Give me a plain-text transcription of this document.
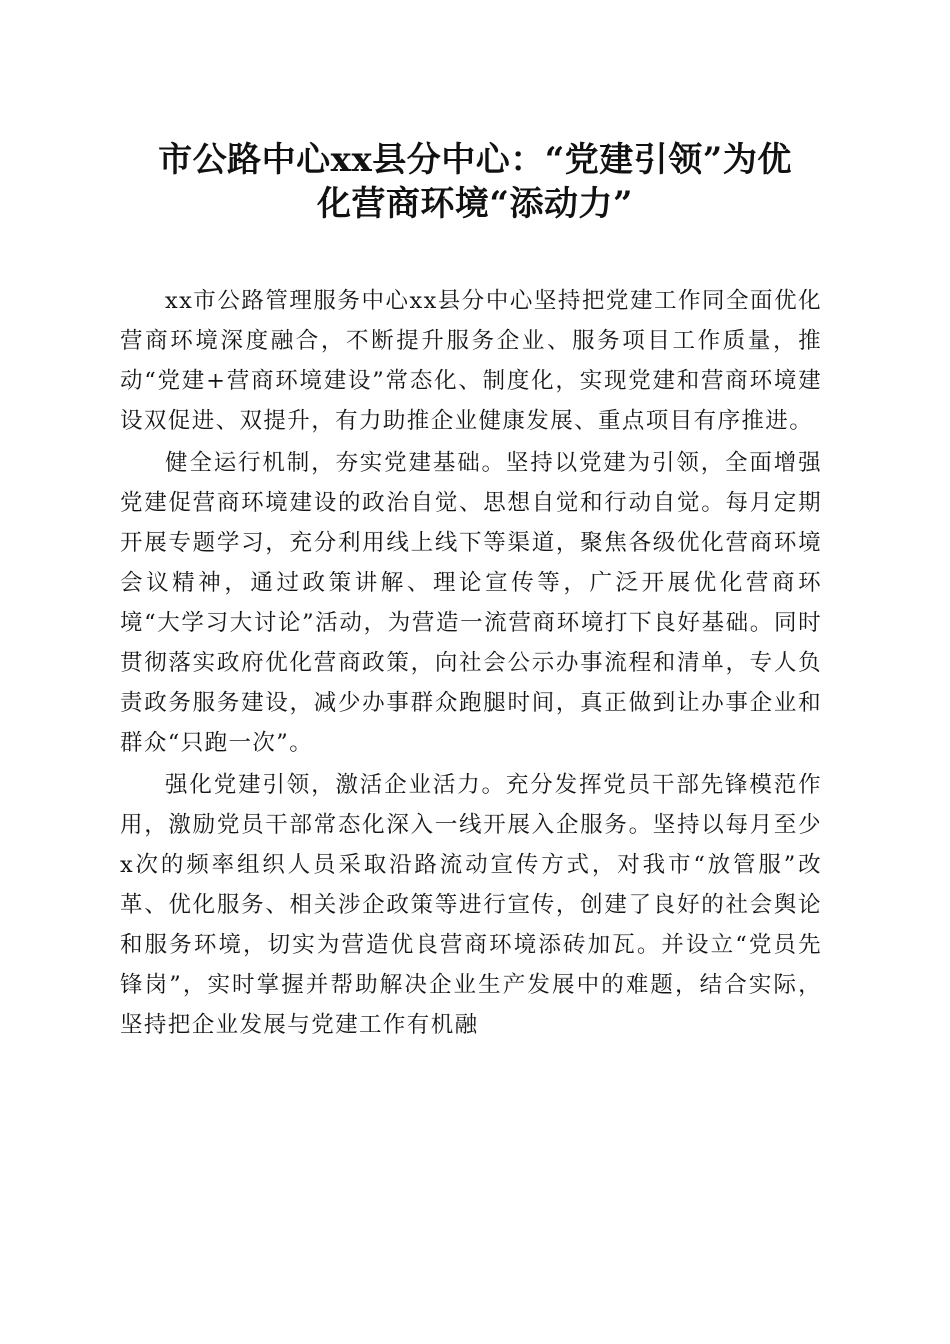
市公路中心xx县分中心：“党建引领”为优
化营商环境“添动力”

xx市公路管理服务中心xx县分中心坚持把党建工作同全面优化营商环境深度融合，不断提升服务企业、服务项目工作质量，推动“党建+营商环境建设”常态化、制度化，实现党建和营商环境建设双促进、双提升，有力助推企业健康发展、重点项目有序推进。

健全运行机制，夯实党建基础。坚持以党建为引领，全面增强党建促营商环境建设的政治自觉、思想自觉和行动自觉。每月定期开展专题学习，充分利用线上线下等渠道，聚焦各级优化营商环境会议精神，通过政策讲解、理论宣传等，广泛开展优化营商环境“大学习大讨论”活动，为营造一流营商环境打下良好基础。同时贯彻落实政府优化营商政策，向社会公示办事流程和清单，专人负责政务服务建设，减少办事群众跑腿时间，真正做到让办事企业和群众“只跑一次”。

强化党建引领，激活企业活力。充分发挥党员干部先锋模范作用，激励党员干部常态化深入一线开展入企服务。坚持以每月至少x次的频率组织人员采取沿路流动宣传方式，对我市“放管服”改革、优化服务、相关涉企政策等进行宣传，创建了良好的社会舆论和服务环境，切实为营造优良营商环境添砖加瓦。并设立“党员先锋岗”，实时掌握并帮助解决企业生产发展中的难题，结合实际，坚持把企业发展与党建工作有机融
